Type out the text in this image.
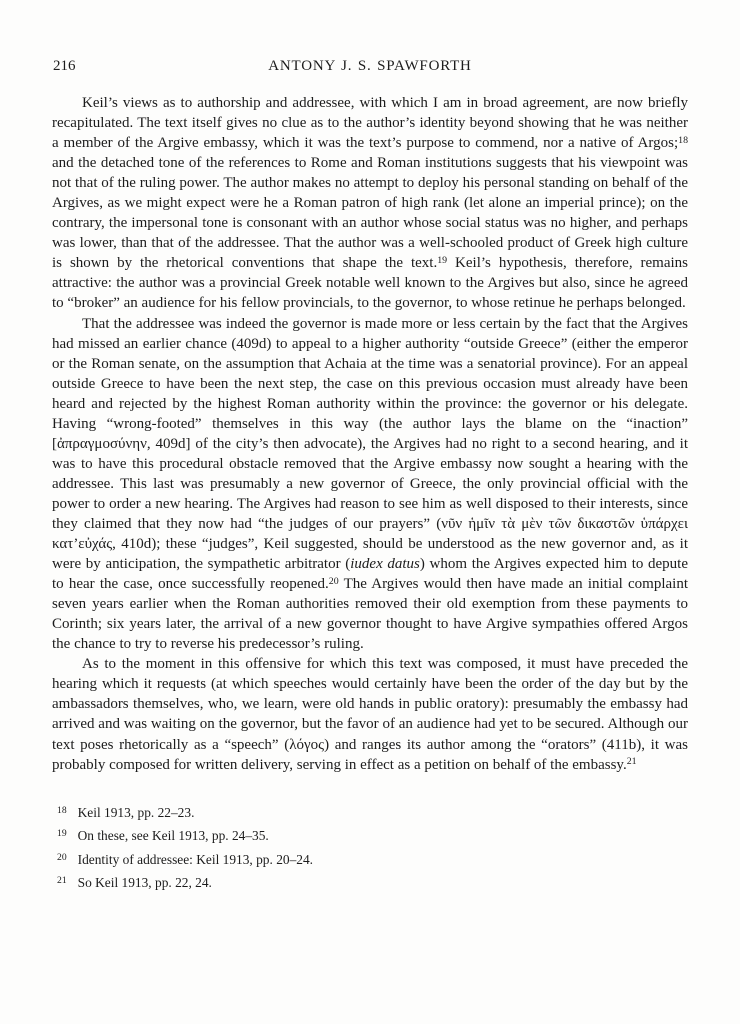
216	ANTONY J. S. SPAWFORTH

Keil’s views as to authorship and addressee, with which I am in broad agreement, are now briefly recapitulated. The text itself gives no clue as to the author’s identity beyond showing that he was neither a member of the Argive embassy, which it was the text’s purpose to commend, nor a native of Argos;$^{18}$ and the detached tone of the references to Rome and Roman institutions suggests that his viewpoint was not that of the ruling power. The author makes no attempt to deploy his personal standing on behalf of the Argives, as we might expect were he a Roman patron of high rank (let alone an imperial prince); on the contrary, the impersonal tone is consonant with an author whose social status was no higher, and perhaps was lower, than that of the addressee. That the author was a well-schooled product of Greek high culture is shown by the rhetorical conventions that shape the text.$^{19}$ Keil’s hypothesis, therefore, remains attractive: the author was a provincial Greek notable well known to the Argives but also, since he agreed to “broker” an audience for his fellow provincials, to the governor, to whose retinue he perhaps belonged.

That the addressee was indeed the governor is made more or less certain by the fact that the Argives had missed an earlier chance (409d) to appeal to a higher authority “outside Greece” (either the emperor or the Roman senate, on the assumption that Achaia at the time was a senatorial province). For an appeal outside Greece to have been the next step, the case on this previous occasion must already have been heard and rejected by the highest Roman authority within the province: the governor or his delegate. Having “wrong-footed” themselves in this way (the author lays the blame on the “inaction” [ἀπραγμοσύνην, 409d] of the city’s then advocate), the Argives had no right to a second hearing, and it was to have this procedural obstacle removed that the Argive embassy now sought a hearing with the addressee. This last was presumably a new governor of Greece, the only provincial official with the power to order a new hearing. The Argives had reason to see him as well disposed to their interests, since they claimed that they now had “the judges of our prayers” (νῦν ἡμῖν τὰ μὲν τῶν δικαστῶν ὑπάρχει κατ’εὐχάς, 410d); these “judges”, Keil suggested, should be understood as the new governor and, as it were by anticipation, the sympathetic arbitrator (iudex datus) whom the Argives expected him to depute to hear the case, once successfully reopened.$^{20}$ The Argives would then have made an initial complaint seven years earlier when the Roman authorities removed their old exemption from these payments to Corinth; six years later, the arrival of a new governor thought to have Argive sympathies offered Argos the chance to try to reverse his predecessor’s ruling.

As to the moment in this offensive for which this text was composed, it must have preceded the hearing which it requests (at which speeches would certainly have been the order of the day but by the ambassadors themselves, who, we learn, were old hands in public oratory): presumably the embassy had arrived and was waiting on the governor, but the favor of an audience had yet to be secured. Although our text poses rhetorically as a “speech” (λόγος) and ranges its author among the “orators” (411b), it was probably composed for written delivery, serving in effect as a petition on behalf of the embassy.$^{21}$

$^{18}$ Keil 1913, pp. 22–23.
$^{19}$ On these, see Keil 1913, pp. 24–35.
$^{20}$ Identity of addressee: Keil 1913, pp. 20–24.
$^{21}$ So Keil 1913, pp. 22, 24.
